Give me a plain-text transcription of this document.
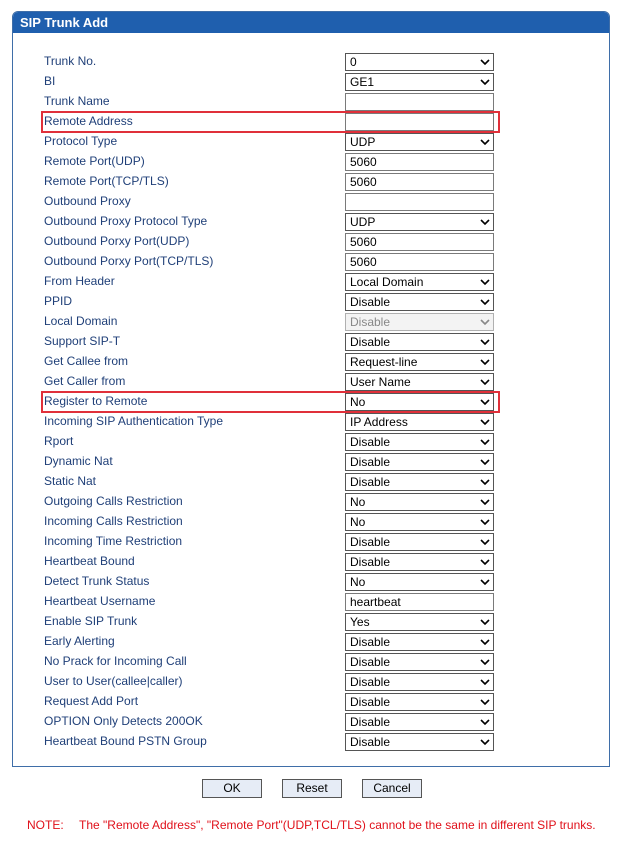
SIP Trunk Add
Trunk No.	0
BI	GE1
Trunk Name
Remote Address
Protocol Type	UDP
Remote Port(UDP)	5060
Remote Port(TCP/TLS)	5060
Outbound Proxy
Outbound Proxy Protocol Type	UDP
Outbound Porxy Port(UDP)	5060
Outbound Porxy Port(TCP/TLS)	5060
From Header	Local Domain
PPID	Disable
Local Domain	Disable
Support SIP-T	Disable
Get Callee from	Request-line
Get Caller from	User Name
Register to Remote	No
Incoming SIP Authentication Type	IP Address
Rport	Disable
Dynamic Nat	Disable
Static Nat	Disable
Outgoing Calls Restriction	No
Incoming Calls Restriction	No
Incoming Time Restriction	Disable
Heartbeat Bound	Disable
Detect Trunk Status	No
Heartbeat Username	heartbeat
Enable SIP Trunk	Yes
Early Alerting	Disable
No Prack for Incoming Call	Disable
User to User(callee|caller)	Disable
Request Add Port	Disable
OPTION Only Detects 200OK	Disable
Heartbeat Bound PSTN Group	Disable
OK	Reset	Cancel
NOTE: The "Remote Address", "Remote Port"(UDP,TCL/TLS) cannot be the same in different SIP trunks.
